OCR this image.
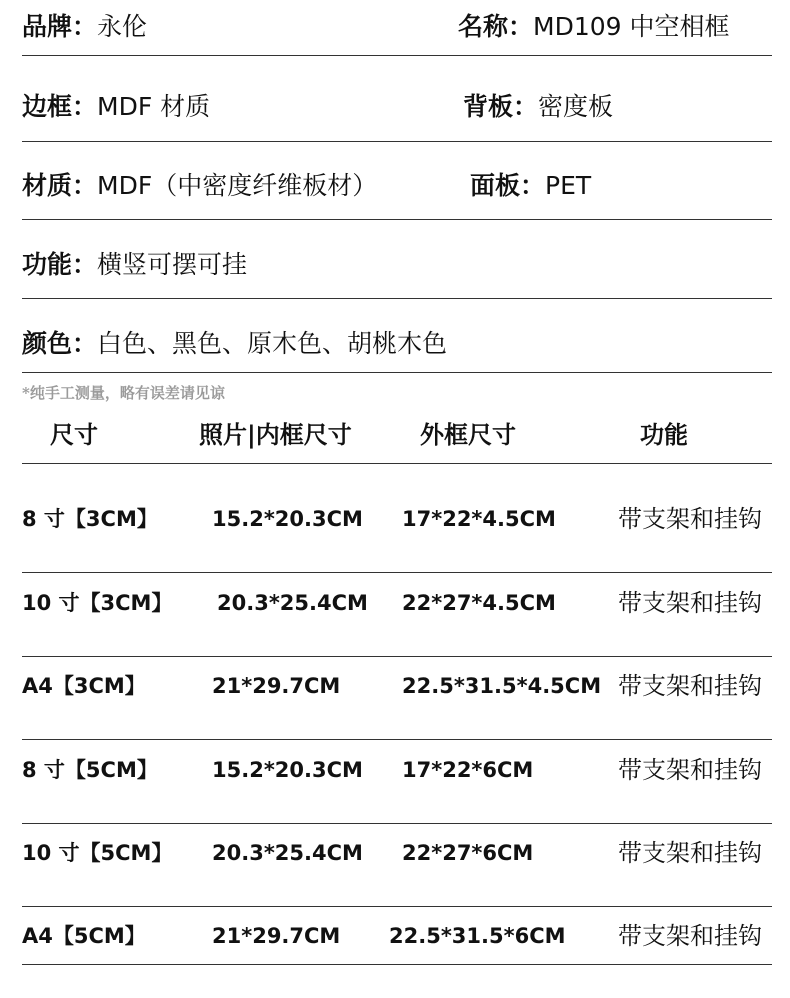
品牌：永伦	名称：MD109 中空相框
边框：MDF 材质	背板：密度板
材质：MDF（中密度纤维板材）	面板：PET
功能：横竖可摆可挂
颜色：白色、黑色、原木色、胡桃木色
*纯手工测量，略有误差请见谅
尺寸	照片|内框尺寸	外框尺寸	功能
8 寸【3CM】	15.2*20.3CM 17*22*4.5CM	带支架和挂钩
10 寸【3CM】 20.3*25.4CM 22*27*4.5CM	带支架和挂钩
A4【3CM】	21*29.7CM	22.5*31.5*4.5CM 带支架和挂钩
8 寸【5CM】	15.2*20.3CM 17*22*6CM	带支架和挂钩
10 寸【5CM】 20.3*25.4CM 22*27*6CM	带支架和挂钩
A4【5CM】	21*29.7CM 22.5*31.5*6CM 带支架和挂钩
